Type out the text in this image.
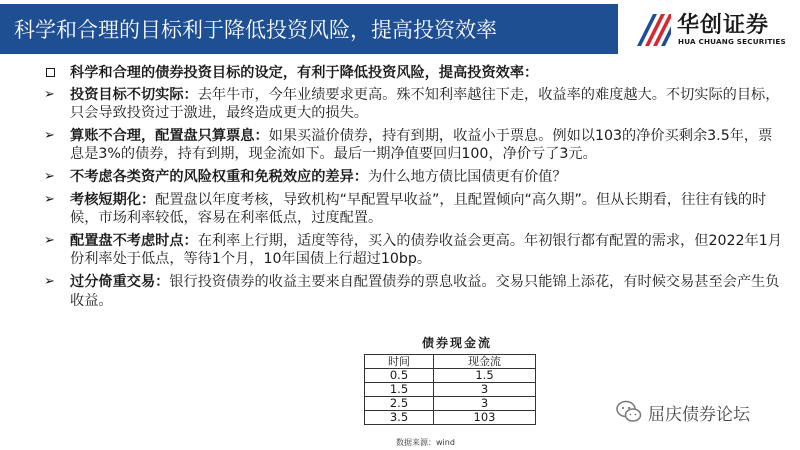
科学和合理的目标利于降低投资风险，提高投资效率	华创证券
HUA CHUANG SECURITIES
科学和合理的债券投资目标的设定，有利于降低投资风险，提高投资效率：
➢	投资目标不切实际：去年牛市，今年业绩要求更高。殊不知利率越往下走，收益率的难度越大。不切实际的目标，只会导致投资过于激进，最终造成更大的损失。
➢	算账不合理，配置盘只算票息：如果买溢价债券，持有到期，收益小于票息。例如以103的净价买剩余3.5年，票息是3%的债券，持有到期，现金流如下。最后一期净值要回归100，净价亏了3元。
➢	不考虑各类资产的风险权重和免税效应的差异：为什么地方债比国债更有价值？
➢	考核短期化：配置盘以年度考核，导致机构“早配置早收益”，且配置倾向“高久期”。但从长期看，往往有钱的时候，市场利率较低，容易在利率低点，过度配置。
➢	配置盘不考虑时点：在利率上行期，适度等待，买入的债券收益会更高。年初银行都有配置的需求，但2022年1月份利率处于低点，等待1个月，10年国债上行超过10bp。
➢	过分倚重交易：银行投资债券的收益主要来自配置债券的票息收益。交易只能锦上添花，有时候交易甚至会产生负收益。
债券现金流
时间	现金流
0.5	1.5
1.5	3
2.5	3
3.5	103
数据来源：wind
屈庆债券论坛
